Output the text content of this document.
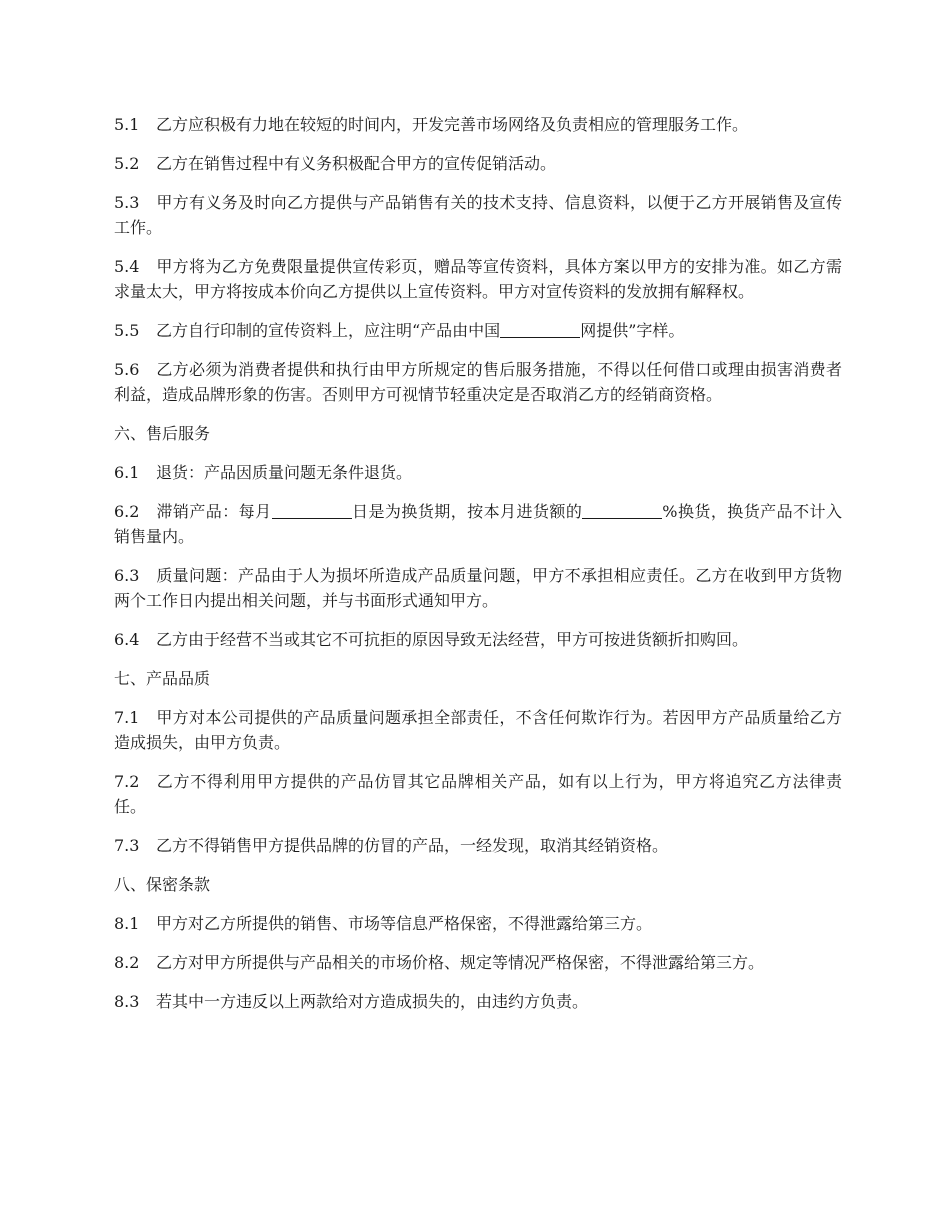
5.1 乙方应积极有力地在较短的时间内，开发完善市场网络及负责相应的管理服务工作。

5.2 乙方在销售过程中有义务积极配合甲方的宣传促销活动。

5.3 甲方有义务及时向乙方提供与产品销售有关的技术支持、信息资料，以便于乙方开展销售及宣传工作。

5.4 甲方将为乙方免费限量提供宣传彩页，赠品等宣传资料，具体方案以甲方的安排为准。如乙方需求量太大，甲方将按成本价向乙方提供以上宣传资料。甲方对宣传资料的发放拥有解释权。

5.5 乙方自行印制的宣传资料上，应注明“产品由中国	网提供”字样。

5.6 乙方必须为消费者提供和执行由甲方所规定的售后服务措施，不得以任何借口或理由损害消费者利益，造成品牌形象的伤害。否则甲方可视情节轻重决定是否取消乙方的经销商资格。

六、售后服务

6.1 退货：产品因质量问题无条件退货。

6.2 滞销产品：每月	日是为换货期，按本月进货额的	%换货，换货产品不计入销售量内。

6.3 质量问题：产品由于人为损坏所造成产品质量问题，甲方不承担相应责任。乙方在收到甲方货物两个工作日内提出相关问题，并与书面形式通知甲方。

6.4 乙方由于经营不当或其它不可抗拒的原因导致无法经营，甲方可按进货额折扣购回。

七、产品品质

7.1 甲方对本公司提供的产品质量问题承担全部责任，不含任何欺诈行为。若因甲方产品质量给乙方造成损失，由甲方负责。

7.2 乙方不得利用甲方提供的产品仿冒其它品牌相关产品，如有以上行为，甲方将追究乙方法律责任。

7.3 乙方不得销售甲方提供品牌的仿冒的产品，一经发现，取消其经销资格。

八、保密条款

8.1 甲方对乙方所提供的销售、市场等信息严格保密，不得泄露给第三方。

8.2 乙方对甲方所提供与产品相关的市场价格、规定等情况严格保密，不得泄露给第三方。

8.3 若其中一方违反以上两款给对方造成损失的，由违约方负责。
